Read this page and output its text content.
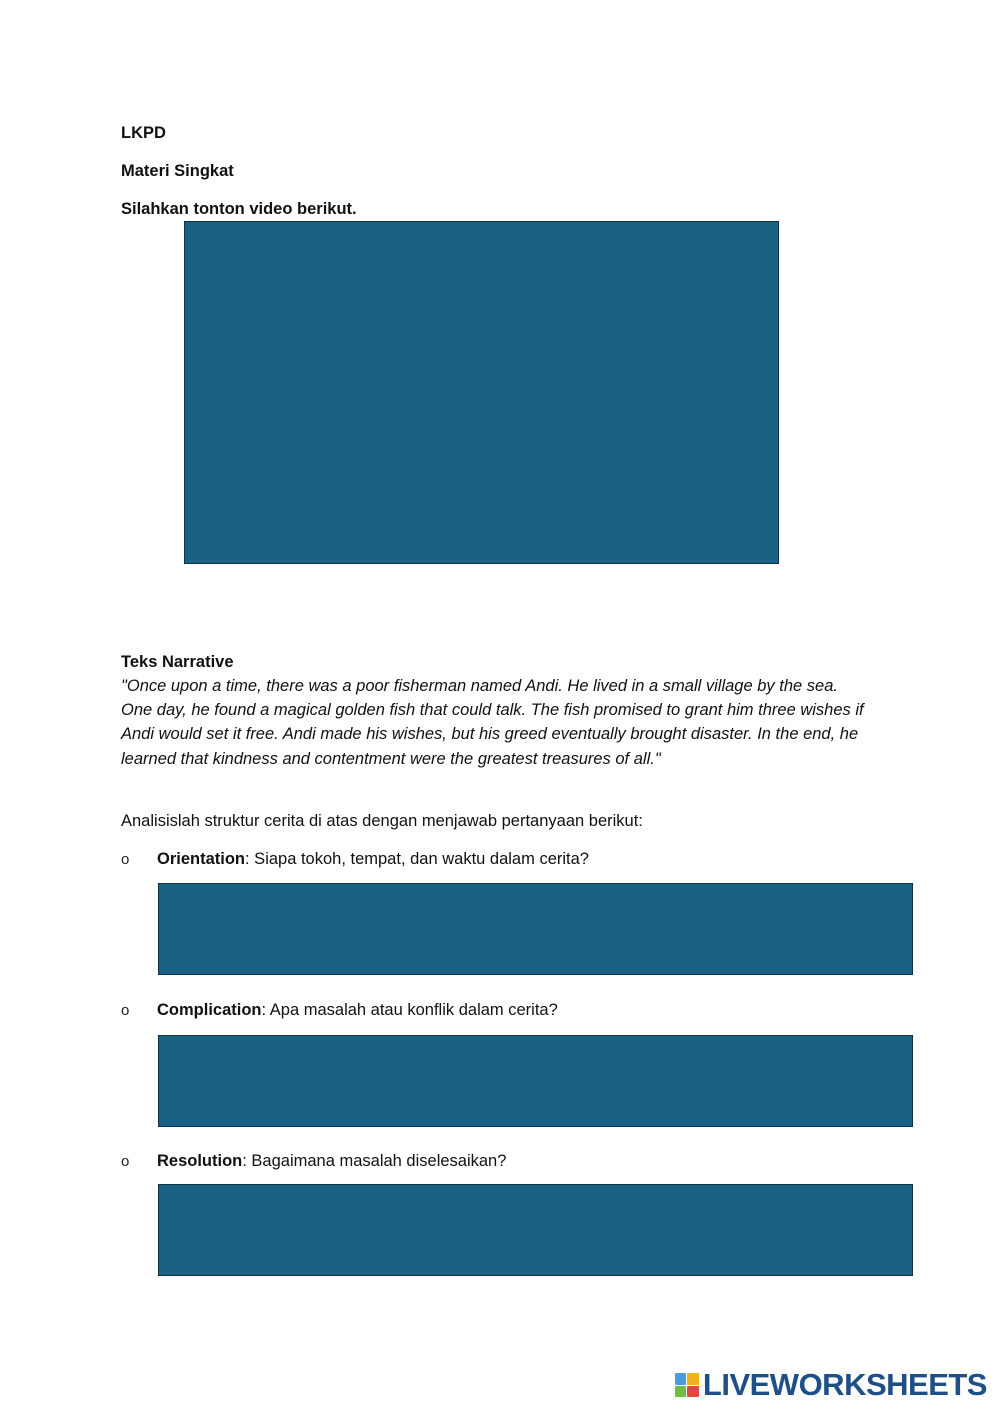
LKPD
Materi Singkat
Silahkan tonton video berikut.
Teks Narrative
"Once upon a time, there was a poor fisherman named Andi. He lived in a small village by the sea. One day, he found a magical golden fish that could talk. The fish promised to grant him three wishes if Andi would set it free. Andi made his wishes, but his greed eventually brought disaster. In the end, he learned that kindness and contentment were the greatest treasures of all."
Analisislah struktur cerita di atas dengan menjawab pertanyaan berikut:
o Orientation: Siapa tokoh, tempat, dan waktu dalam cerita?
o Complication: Apa masalah atau konflik dalam cerita?
o Resolution: Bagaimana masalah diselesaikan?
LIVEWORKSHEETS
